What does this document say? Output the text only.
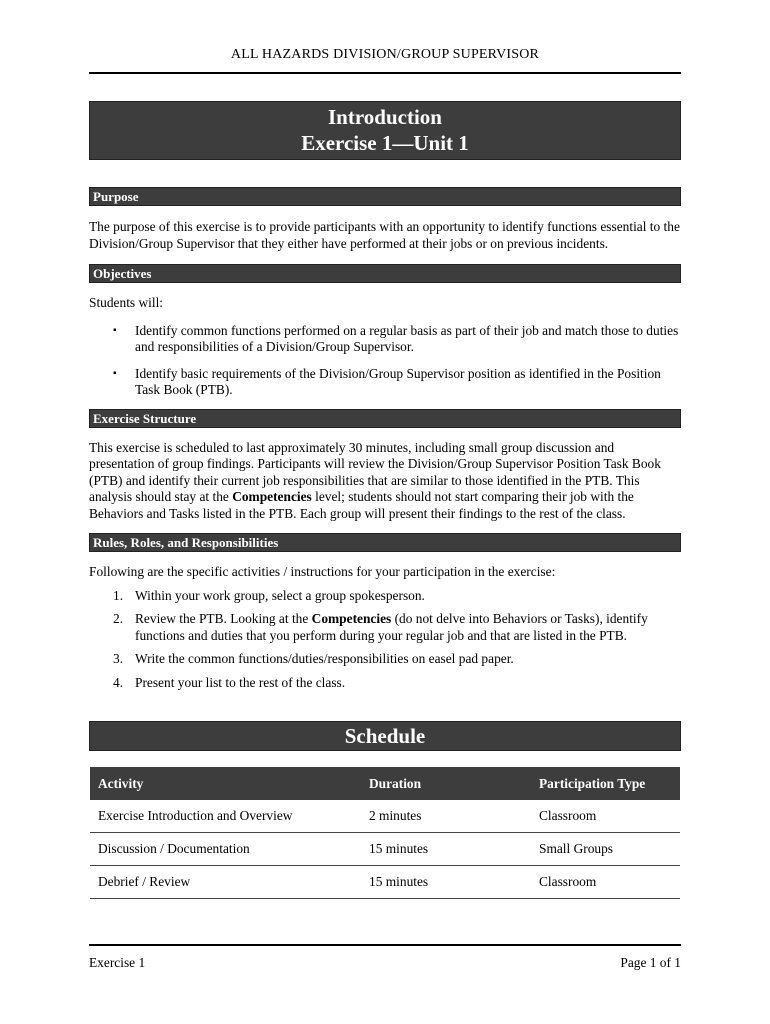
ALL HAZARDS DIVISION/GROUP SUPERVISOR
Introduction
Exercise 1—Unit 1
Purpose
The purpose of this exercise is to provide participants with an opportunity to identify functions essential to the Division/Group Supervisor that they either have performed at their jobs or on previous incidents.
Objectives
Students will:
▪ Identify common functions performed on a regular basis as part of their job and match those to duties and responsibilities of a Division/Group Supervisor.
▪ Identify basic requirements of the Division/Group Supervisor position as identified in the Position Task Book (PTB).
Exercise Structure
This exercise is scheduled to last approximately 30 minutes, including small group discussion and presentation of group findings. Participants will review the Division/Group Supervisor Position Task Book (PTB) and identify their current job responsibilities that are similar to those identified in the PTB. This analysis should stay at the Competencies level; students should not start comparing their job with the Behaviors and Tasks listed in the PTB. Each group will present their findings to the rest of the class.
Rules, Roles, and Responsibilities
Following are the specific activities / instructions for your participation in the exercise:
1. Within your work group, select a group spokesperson.
2. Review the PTB. Looking at the Competencies (do not delve into Behaviors or Tasks), identify functions and duties that you perform during your regular job and that are listed in the PTB.
3. Write the common functions/duties/responsibilities on easel pad paper.
4. Present your list to the rest of the class.
Schedule
Activity	Duration	Participation Type
Exercise Introduction and Overview	2 minutes	Classroom
Discussion / Documentation	15 minutes	Small Groups
Debrief / Review	15 minutes	Classroom
Exercise 1	Page 1 of 1
